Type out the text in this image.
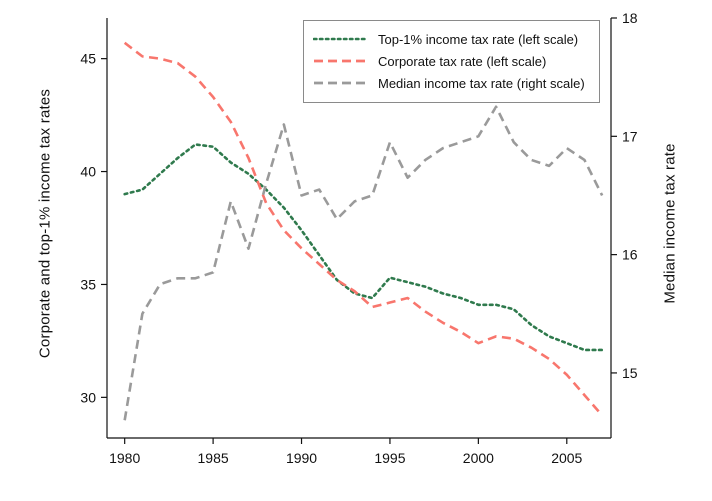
30
35
40
45
15
16
17
18
1980	1985	1990	1995	2000	2005
Corporate and top-1% income tax rates	Median income tax rate
Top-1% income tax rate (left scale)
Corporate tax rate (left scale)
Median income tax rate (right scale)
